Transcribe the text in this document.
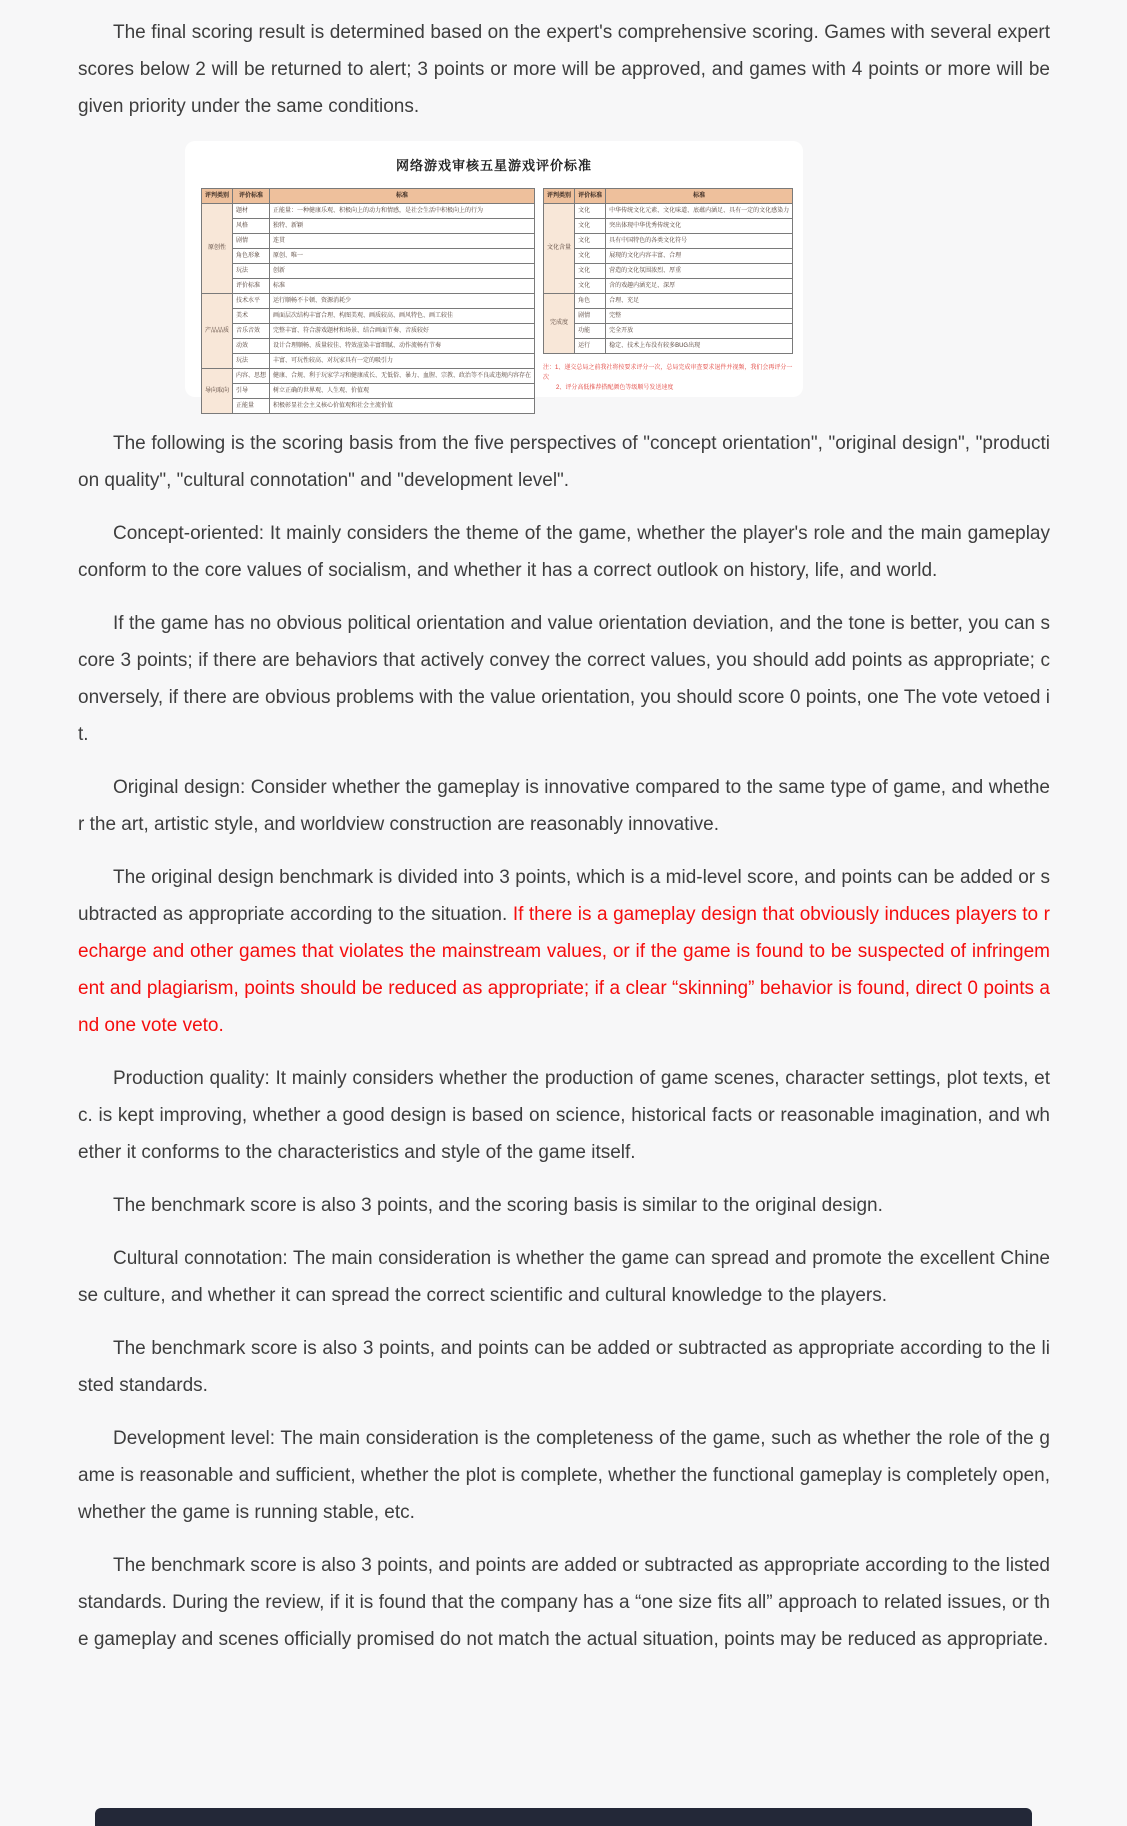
The final scoring result is determined based on the expert's comprehensive scoring. Games with several expert scores below 2 will be returned to alert; 3 points or more will be approved, and games with 4 points or more will be given priority under the same conditions.

网络游戏审核五星游戏评价标准
评判类别	评价标准	标准
原创性	题材	正能量：一种健康乐观、积极向上的动力和情感，是社会生活中积极向上的行为
	风格	独特、新颖
	剧情	连贯
	角色形象	原创、唯一
	玩法	创新
	评价标准	标准
产品品质	技术水平	运行顺畅不卡顿、资源消耗少
	美术	画面层次结构丰富合理、构图美观、画质较高、画风特色、画工较佳
	音乐音效	完整丰富、符合游戏题材和场景、结合画面节奏、音质较好
	动效	设计合理顺畅、质量较佳、特效渲染丰富细腻、动作流畅有节奏
	玩法	丰富、可玩性较高、对玩家具有一定的吸引力
导向取向	内容、思想	健康、合规、利于玩家学习和健康成长、无低俗、暴力、血腥、宗教、政治等不良或违规内容存在
	引导	树立正确的世界观、人生观、价值观
	正能量	积极彰显社会主义核心价值观和社会主流价值
评判类别	评价标准	标准
文化含量	文化	中华传统文化元素、文化味道、底蕴内涵足、具有一定的文化感染力
	文化	突出体现中华优秀传统文化
	文化	具有中国特色的各类文化符号
	文化	展现的文化内容丰富、合理
	文化	营造的文化氛围浓烈、厚重
	文化	含的戏趣内涵充足、深厚
完成度	角色	合理、充足
	剧情	完整
	功能	完全开放
	运行	稳定、技术上布没有较多BUG出现
注：1、递交总局之前我社将按要求评分一次，总局完成审查要求退件并视频，我们会再评分一次
2、评分高低推荐搭配颜色等级顺号发送速度

The following is the scoring basis from the five perspectives of "concept orientation", "original design", "production quality", "cultural connotation" and "development level".

Concept-oriented: It mainly considers the theme of the game, whether the player's role and the main gameplay conform to the core values of socialism, and whether it has a correct outlook on history, life, and world.

If the game has no obvious political orientation and value orientation deviation, and the tone is better, you can score 3 points; if there are behaviors that actively convey the correct values, you should add points as appropriate; conversely, if there are obvious problems with the value orientation, you should score 0 points, one The vote vetoed it.

Original design: Consider whether the gameplay is innovative compared to the same type of game, and whether the art, artistic style, and worldview construction are reasonably innovative.

The original design benchmark is divided into 3 points, which is a mid-level score, and points can be added or subtracted as appropriate according to the situation. If there is a gameplay design that obviously induces players to recharge and other games that violates the mainstream values, or if the game is found to be suspected of infringement and plagiarism, points should be reduced as appropriate; if a clear “skinning” behavior is found, direct 0 points and one vote veto.

Production quality: It mainly considers whether the production of game scenes, character settings, plot texts, etc. is kept improving, whether a good design is based on science, historical facts or reasonable imagination, and whether it conforms to the characteristics and style of the game itself.

The benchmark score is also 3 points, and the scoring basis is similar to the original design.

Cultural connotation: The main consideration is whether the game can spread and promote the excellent Chinese culture, and whether it can spread the correct scientific and cultural knowledge to the players.

The benchmark score is also 3 points, and points can be added or subtracted as appropriate according to the listed standards.

Development level: The main consideration is the completeness of the game, such as whether the role of the game is reasonable and sufficient, whether the plot is complete, whether the functional gameplay is completely open, whether the game is running stable, etc.

The benchmark score is also 3 points, and points are added or subtracted as appropriate according to the listed standards. During the review, if it is found that the company has a “one size fits all” approach to related issues, or the gameplay and scenes officially promised do not match the actual situation, points may be reduced as appropriate.
